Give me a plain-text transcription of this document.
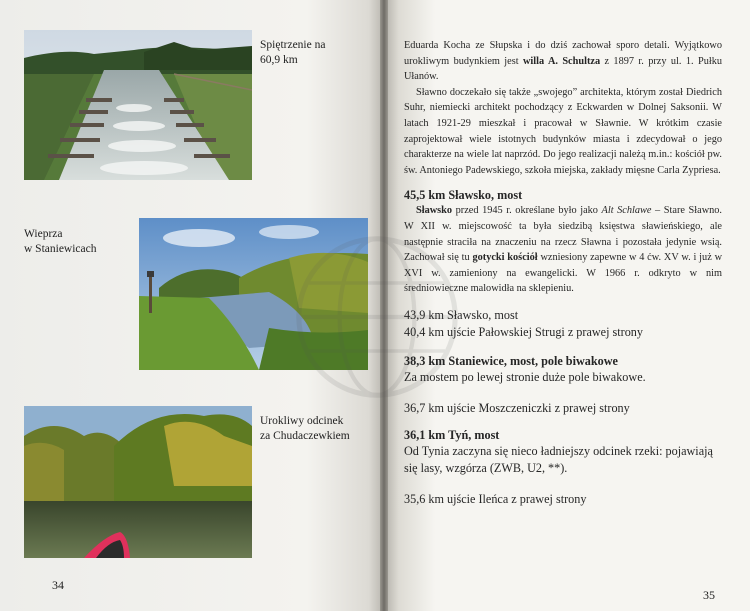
Spiętrzenie na
60,9 km
Wieprza
w Staniewicach
Urokliwy odcinek
za Chudaczewkiem
34

Eduarda Kocha ze Słupska i do dziś zachował sporo detali. Wyjątkowo urokliwym budynkiem jest willa A. Schultza z 1897 r. przy ul. 1. Pułku Ułanów.

Sławno doczekało się także „swojego” architekta, którym został Diedrich Suhr, niemiecki architekt pochodzący z Eckwarden w Dolnej Saksonii. W latach 1921-29 mieszkał i pracował w Sławnie. W krótkim czasie zaprojektował wiele istotnych budynków miasta i zdecydował o jego charakterze na wiele lat naprzód. Do jego realizacji należą m.in.: kościół pw. św. Antoniego Padewskiego, szkoła miejska, zakłady mięsne Carla Zypriesa.

45,5 km Sławsko, most

Sławsko przed 1945 r. określane było jako Alt Schlawe – Stare Sławno. W XII w. miejscowość ta była siedzibą księstwa sławieńskiego, ale następnie straciła na znaczeniu na rzecz Sławna i pozostała jedynie wsią. Zachował się tu gotycki kościół wzniesiony zapewne w 4 ćw. XV w. i już w XVI w. zamieniony na ewangelicki. W 1966 r. odkryto w nim średniowieczne malowidła na sklepieniu.

43,9 km Sławsko, most

40,4 km ujście Pałowskiej Strugi z prawej strony

38,3 km Staniewice, most, pole biwakowe

Za mostem po lewej stronie duże pole biwakowe.

36,7 km ujście Moszczeniczki z prawej strony

36,1 km Tyń, most

Od Tynia zaczyna się nieco ładniejszy odcinek rzeki: pojawiają się lasy, wzgórza (ZWB, U2, **).

35,6 km ujście Ileńca z prawej strony

35
